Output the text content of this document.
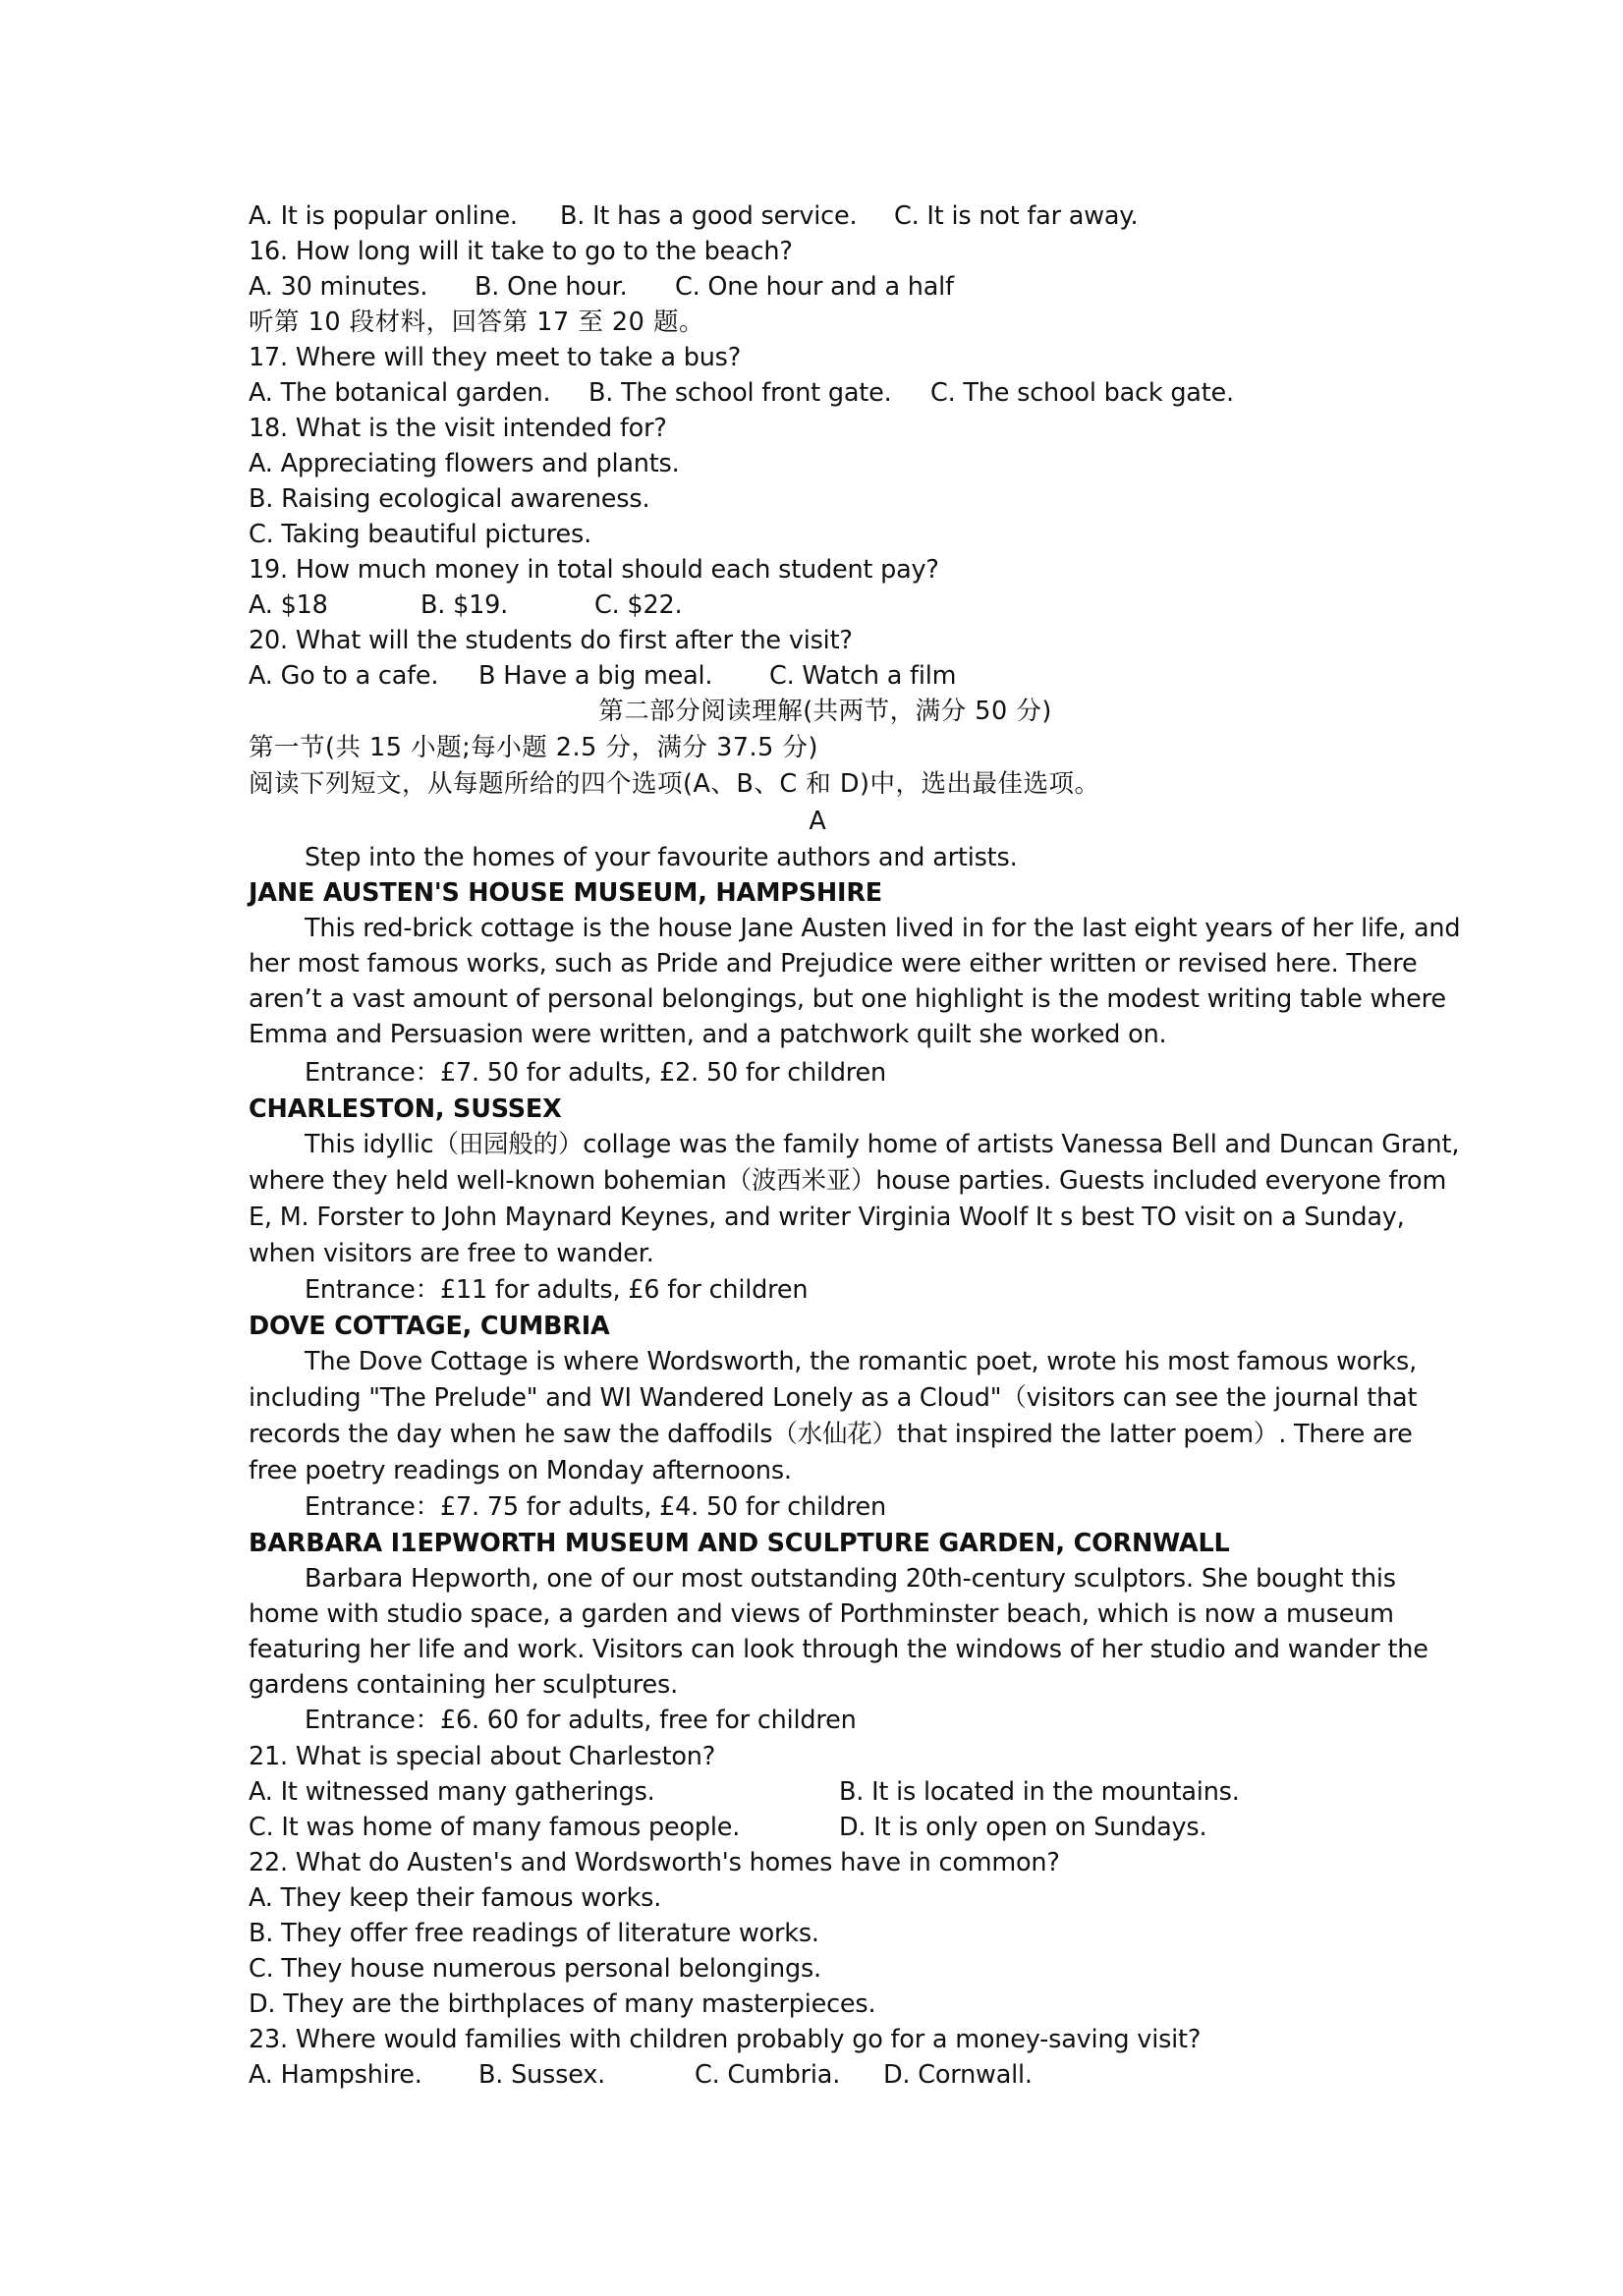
A. It is popular online. B. It has a good service. C. It is not far away.
16. How long will it take to go to the beach?
A. 30 minutes. B. One hour. C. One hour and a half
听第 10 段材料，回答第 17 至 20 题。
17. Where will they meet to take a bus?
A. The botanical garden. B. The school front gate. C. The school back gate.
18. What is the visit intended for?
A. Appreciating flowers and plants.
B. Raising ecological awareness.
C. Taking beautiful pictures.
19. How much money in total should each student pay?
A. $18	B. $19.	C. $22.
20. What will the students do first after the visit?
A. Go to a cafe. B Have a big meal. C. Watch a film
第二部分阅读理解(共两节，满分 50 分)
第一节(共 15 小题;每小题 2.5 分，满分 37.5 分)
阅读下列短文，从每题所给的四个选项(A、B、C 和 D)中，选出最佳选项。
A
Step into the homes of your favourite authors and artists.
JANE AUSTEN'S HOUSE MUSEUM, HAMPSHIRE
This red-brick cottage is the house Jane Austen lived in for the last eight years of her life, and
her most famous works, such as Pride and Prejudice were either written or revised here. There
aren’t a vast amount of personal belongings, but one highlight is the modest writing table where
Emma and Persuasion were written, and a patchwork quilt she worked on.
Entrance：£7. 50 for adults, £2. 50 for children
CHARLESTON, SUSSEX
This idyllic（田园般的）collage was the family home of artists Vanessa Bell and Duncan Grant,
where they held well-known bohemian（波西米亚）house parties. Guests included everyone from
E, M. Forster to John Maynard Keynes, and writer Virginia Woolf It s best TO visit on a Sunday,
when visitors are free to wander.
Entrance：£11 for adults, £6 for children
DOVE COTTAGE, CUMBRIA
The Dove Cottage is where Wordsworth, the romantic poet, wrote his most famous works,
including "The Prelude" and WI Wandered Lonely as a Cloud"（visitors can see the journal that
records the day when he saw the daffodils（水仙花）that inspired the latter poem）. There are
free poetry readings on Monday afternoons.
Entrance：£7. 75 for adults, £4. 50 for children
BARBARA I1EPWORTH MUSEUM AND SCULPTURE GARDEN, CORNWALL
Barbara Hepworth, one of our most outstanding 20th-century sculptors. She bought this
home with studio space, a garden and views of Porthminster beach, which is now a museum
featuring her life and work. Visitors can look through the windows of her studio and wander the
gardens containing her sculptures.
Entrance：£6. 60 for adults, free for children
21. What is special about Charleston?
A. It witnessed many gatherings.	B. It is located in the mountains.
C. It was home of many famous people.	D. It is only open on Sundays.
22. What do Austen's and Wordsworth's homes have in common?
A. They keep their famous works.
B. They offer free readings of literature works.
C. They house numerous personal belongings.
D. They are the birthplaces of many masterpieces.
23. Where would families with children probably go for a money-saving visit?
A. Hampshire. B. Sussex.	C. Cumbria. D. Cornwall.
